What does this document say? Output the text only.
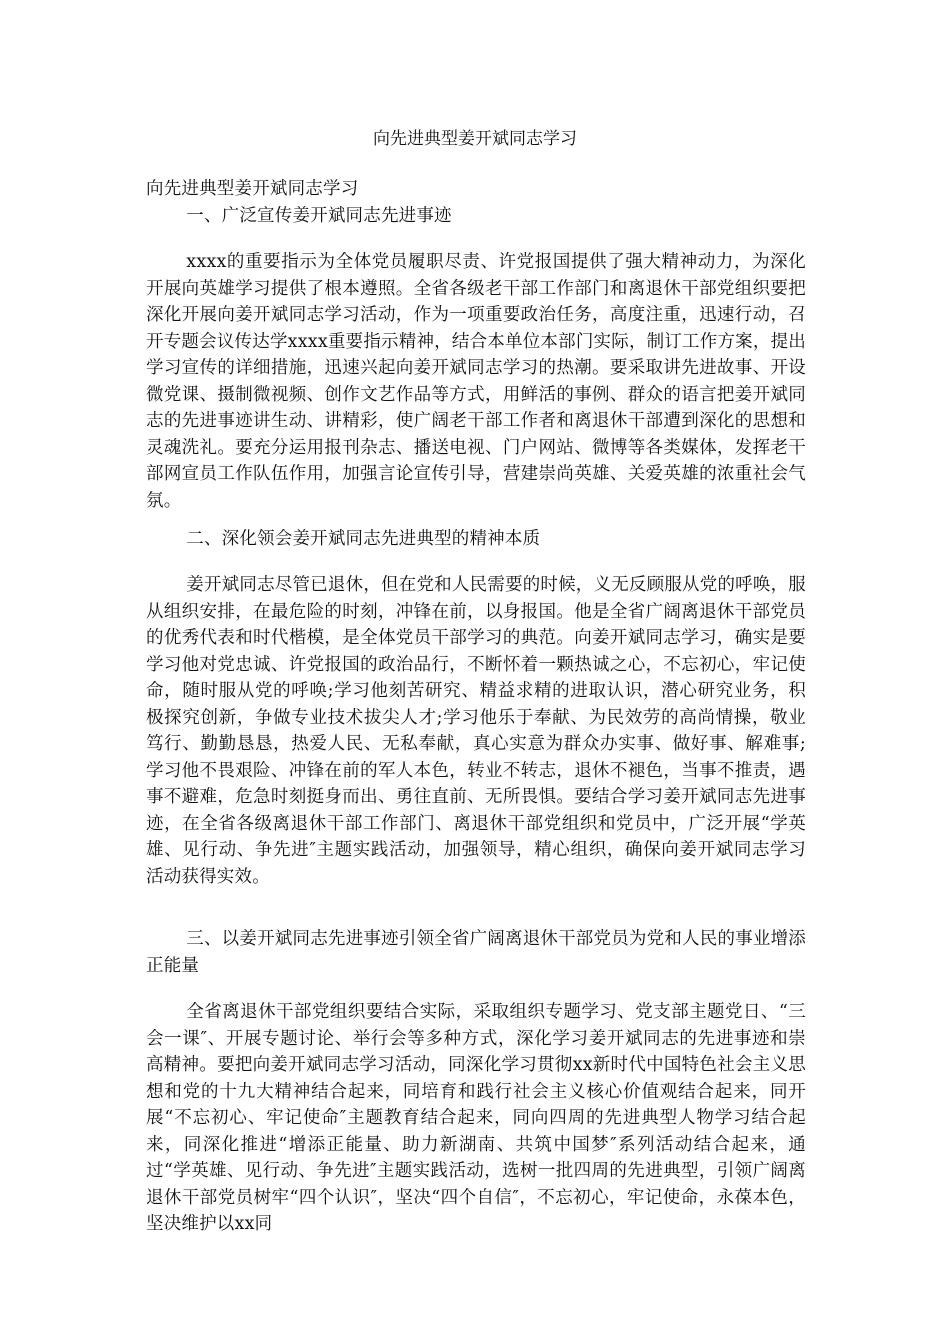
向先进典型姜开斌同志学习
向先进典型姜开斌同志学习
一、广泛宣传姜开斌同志先进事迹

xxxx的重要指示为全体党员履职尽责、许党报国提供了强大精神动力，为深化开展向英雄学习提供了根本遵照。全省各级老干部工作部门和离退休干部党组织要把深化开展向姜开斌同志学习活动，作为一项重要政治任务，高度注重，迅速行动，召开专题会议传达学xxxx重要指示精神，结合本单位本部门实际，制订工作方案，提出学习宣传的详细措施，迅速兴起向姜开斌同志学习的热潮。要采取讲先进故事、开设微党课、摄制微视频、创作文艺作品等方式，用鲜活的事例、群众的语言把姜开斌同志的先进事迹讲生动、讲精彩，使广阔老干部工作者和离退休干部遭到深化的思想和灵魂洗礼。要充分运用报刊杂志、播送电视、门户网站、微博等各类媒体，发挥老干部网宣员工作队伍作用，加强言论宣传引导，营建崇尚英雄、关爱英雄的浓重社会气氛。

二、深化领会姜开斌同志先进典型的精神本质

姜开斌同志尽管已退休，但在党和人民需要的时候，义无反顾服从党的呼唤，服从组织安排，在最危险的时刻，冲锋在前，以身报国。他是全省广阔离退休干部党员的优秀代表和时代楷模，是全体党员干部学习的典范。向姜开斌同志学习，确实是要学习他对党忠诚、许党报国的政治品行，不断怀着一颗热诚之心，不忘初心，牢记使命，随时服从党的呼唤;学习他刻苦研究、精益求精的进取认识，潜心研究业务，积极探究创新，争做专业技术拔尖人才;学习他乐于奉献、为民效劳的高尚情操，敬业笃行、勤勤恳恳，热爱人民、无私奉献，真心实意为群众办实事、做好事、解难事;学习他不畏艰险、冲锋在前的军人本色，转业不转志，退休不褪色，当事不推责，遇事不避难，危急时刻挺身而出、勇往直前、无所畏惧。要结合学习姜开斌同志先进事迹，在全省各级离退休干部工作部门、离退休干部党组织和党员中，广泛开展“学英雄、见行动、争先进″主题实践活动，加强领导，精心组织，确保向姜开斌同志学习活动获得实效。

三、以姜开斌同志先进事迹引领全省广阔离退休干部党员为党和人民的事业增添正能量

全省离退休干部党组织要结合实际，采取组织专题学习、党支部主题党日、“三会一课″、开展专题讨论、举行会等多种方式，深化学习姜开斌同志的先进事迹和崇高精神。要把向姜开斌同志学习活动，同深化学习贯彻xx新时代中国特色社会主义思想和党的十九大精神结合起来，同培育和践行社会主义核心价值观结合起来，同开展“不忘初心、牢记使命″主题教育结合起来，同向四周的先进典型人物学习结合起来，同深化推进“增添正能量、助力新湖南、共筑中国梦″系列活动结合起来，通过“学英雄、见行动、争先进″主题实践活动，选树一批四周的先进典型，引领广阔离退休干部党员树牢“四个认识″，坚决“四个自信″，不忘初心，牢记使命，永葆本色，坚决维护以xx同
